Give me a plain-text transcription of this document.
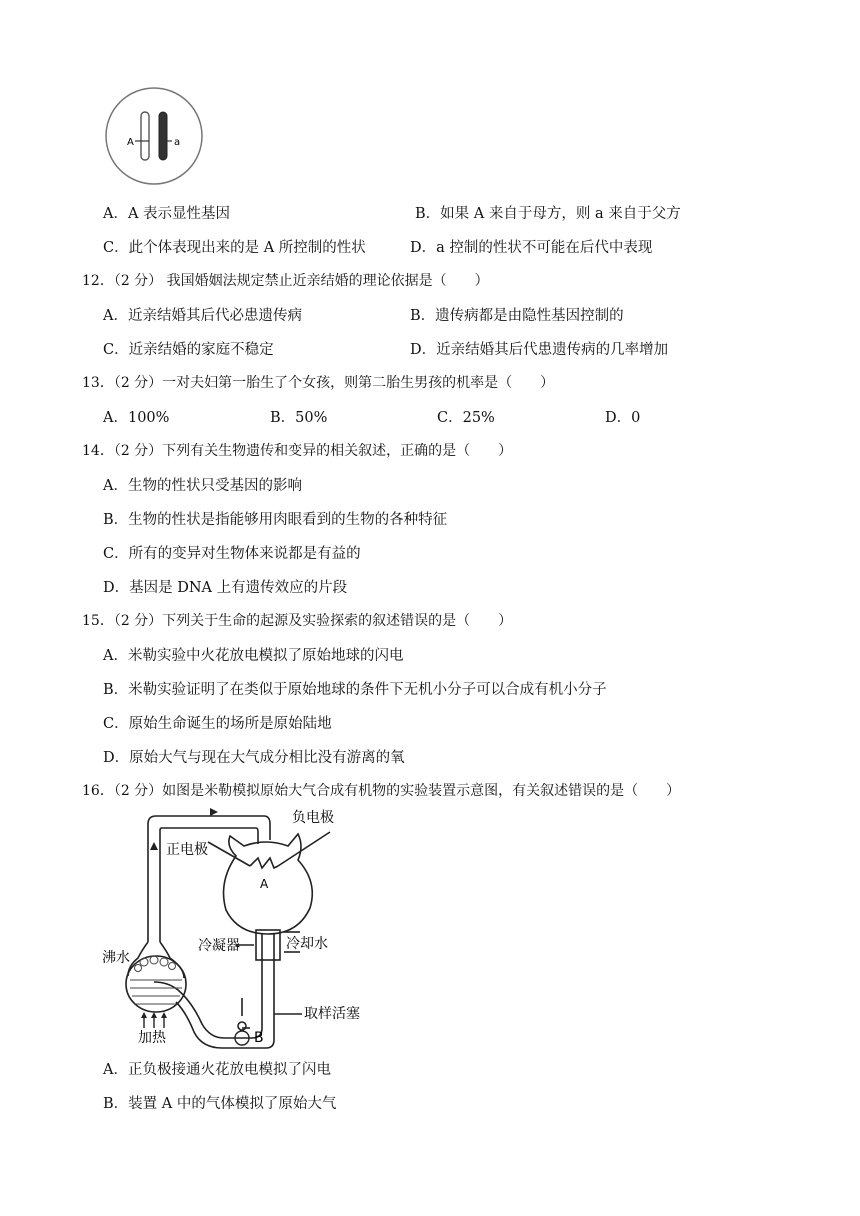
A	a
A．A 表示显性基因	B．如果 A 来自于母方，则 a 来自于父方
C．此个体表现出来的是 A 所控制的性状	D．a 控制的性状不可能在后代中表现
12．（2 分） 我国婚姻法规定禁止近亲结婚的理论依据是（　　）
A．近亲结婚其后代必患遗传病	B．遗传病都是由隐性基因控制的
C．近亲结婚的家庭不稳定	D．近亲结婚其后代患遗传病的几率增加
13．（2 分）一对夫妇第一胎生了个女孩，则第二胎生男孩的机率是（　　）
A．100%	B．50%	C．25%	D．0
14．（2 分）下列有关生物遗传和变异的相关叙述，正确的是（　　）
A．生物的性状只受基因的影响
B．生物的性状是指能够用肉眼看到的生物的各种特征
C．所有的变异对生物体来说都是有益的
D．基因是 DNA 上有遗传效应的片段
15．（2 分）下列关于生命的起源及实验探索的叙述错误的是（　　）
A．米勒实验中火花放电模拟了原始地球的闪电
B．米勒实验证明了在类似于原始地球的条件下无机小分子可以合成有机小分子
C．原始生命诞生的场所是原始陆地
D．原始大气与现在大气成分相比没有游离的氧
16．（2 分）如图是米勒模拟原始大气合成有机物的实验装置示意图，有关叙述错误的是（　　）
负电极
正电极
A
冷凝器	冷却水
沸水
加热
取样活塞
B
A．正负极接通火花放电模拟了闪电
B．装置 A 中的气体模拟了原始大气
